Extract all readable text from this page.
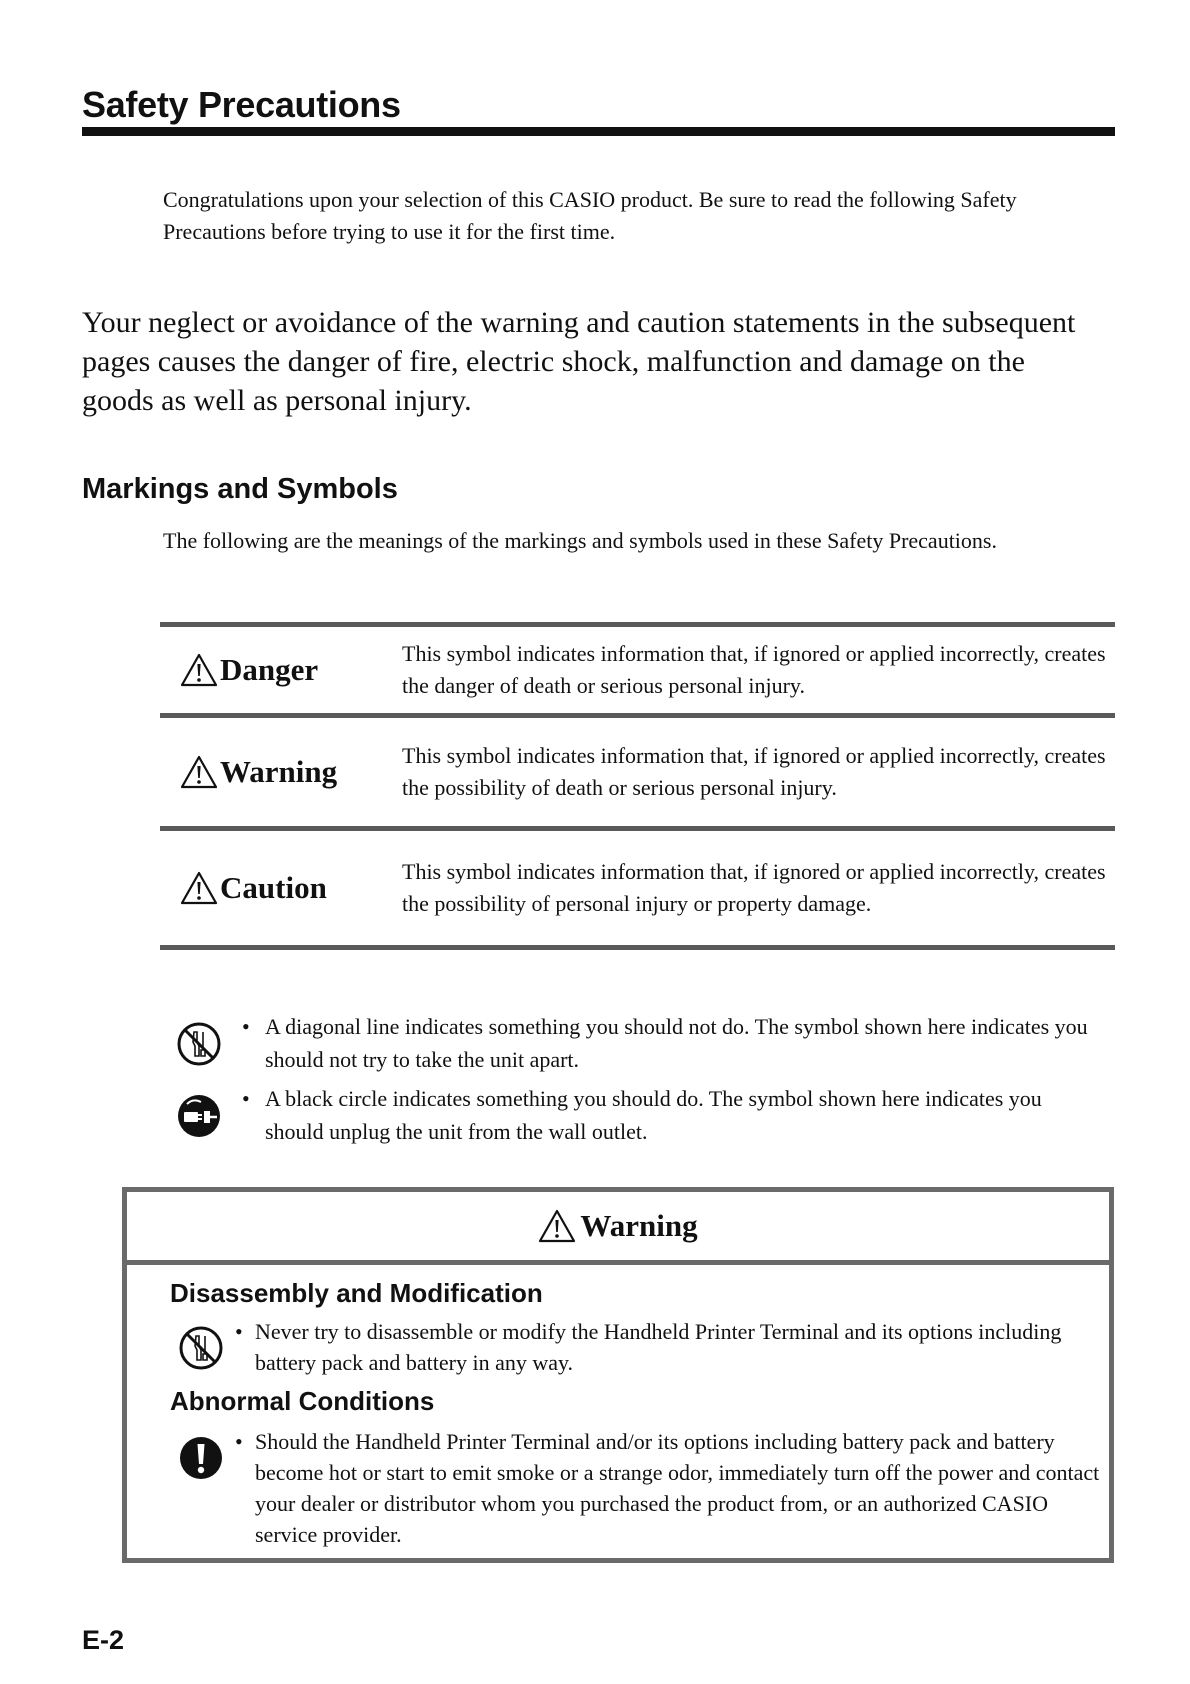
Safety Precautions
Congratulations upon your selection of this CASIO product. Be sure to read the following Safety Precautions before trying to use it for the first time.
Your neglect or avoidance of the warning and caution statements in the subsequent pages causes the danger of fire, electric shock, malfunction and damage on the goods as well as personal injury.
Markings and Symbols
The following are the meanings of the markings and symbols used in these Safety Precautions.
Danger	This symbol indicates information that, if ignored or applied incorrectly, creates the danger of death or serious personal injury.
Warning	This symbol indicates information that, if ignored or applied incorrectly, creates the possibility of death or serious personal injury.
Caution	This symbol indicates information that, if ignored or applied incorrectly, creates the possibility of personal injury or property damage.
• A diagonal line indicates something you should not do. The symbol shown here indicates you should not try to take the unit apart.
• A black circle indicates something you should do. The symbol shown here indicates you should unplug the unit from the wall outlet.
Warning
Disassembly and Modification
• Never try to disassemble or modify the Handheld Printer Terminal and its options including battery pack and battery in any way.
Abnormal Conditions
• Should the Handheld Printer Terminal and/or its options including battery pack and battery become hot or start to emit smoke or a strange odor, immediately turn off the power and contact your dealer or distributor whom you purchased the product from, or an authorized CASIO service provider.
E-2
